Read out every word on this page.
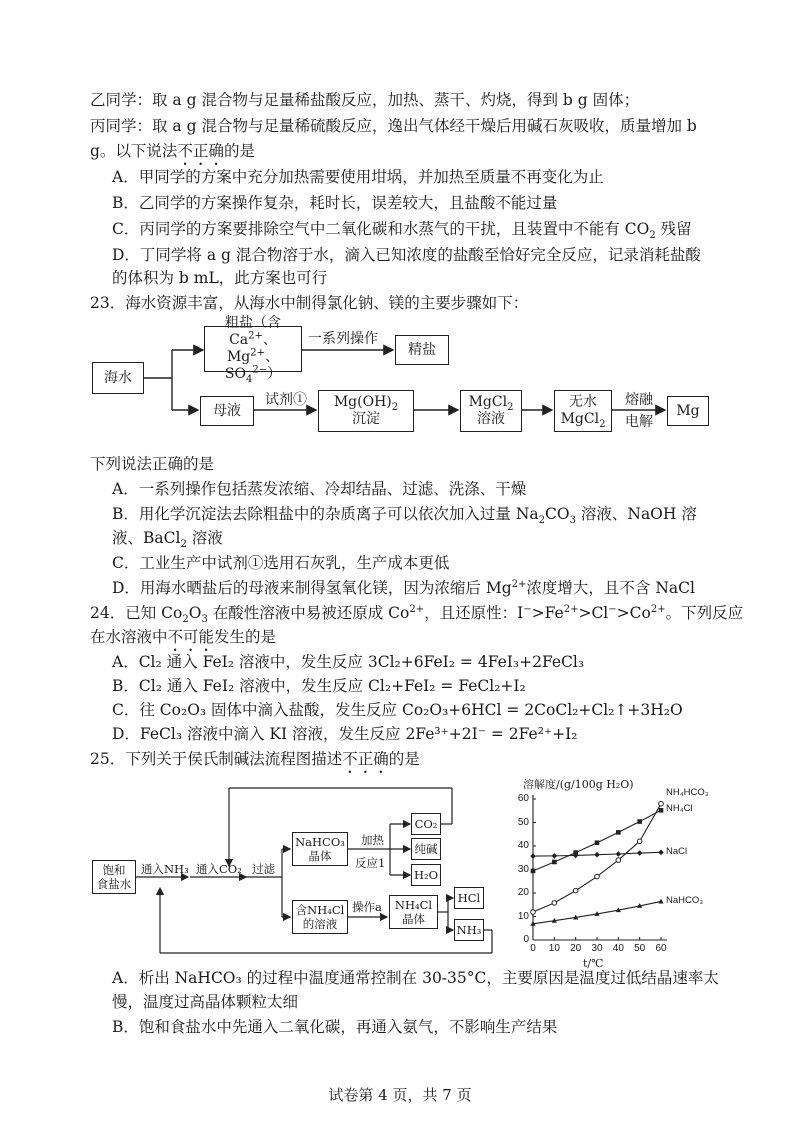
乙同学：取 a g 混合物与足量稀盐酸反应，加热、蒸干、灼烧，得到 b g 固体；
丙同学：取 a g 混合物与足量稀硫酸反应，逸出气体经干燥后用碱石灰吸收，质量增加 b
g。以下说法不正确的是
A．甲同学的方案中充分加热需要使用坩埚，并加热至质量不再变化为止
B．乙同学的方案操作复杂，耗时长，误差较大，且盐酸不能过量
C．丙同学的方案要排除空气中二氧化碳和水蒸气的干扰，且装置中不能有 $CO_2$ 残留
D．丁同学将 a g 混合物溶于水，滴入已知浓度的盐酸至恰好完全反应，记录消耗盐酸
的体积为 b mL，此方案也可行
23．海水资源丰富，从海水中制得氯化钠、镁的主要步骤如下：
海水
粗盐（含$Ca^{2+}$、
$Mg^{2+}$、$SO_4^{2-}$）
一系列操作
精盐
母液
试剂① $Mg(OH)_2$
沉淀
MgCl$_2$
溶液
无水
MgCl$_2$
熔融
电解
Mg
下列说法正确的是
A．一系列操作包括蒸发浓缩、冷却结晶、过滤、洗涤、干燥
B．用化学沉淀法去除粗盐中的杂质离子可以依次加入过量 $Na_2CO_3$ 溶液、NaOH 溶
液、BaCl$_2$ 溶液
C．工业生产中试剂①选用石灰乳，生产成本更低
D．用海水晒盐后的母液来制得氢氧化镁，因为浓缩后 $Mg^{2+}$浓度增大，且不含 NaCl
24．已知 $Co_2O_3$ 在酸性溶液中易被还原成 $Co^{2+}$，且还原性：$I^->Fe^{2+}>Cl^->Co^{2+}$。下列反应
在水溶液中不可能发生的是
A．Cl₂ 通入 FeI₂ 溶液中，发生反应 3Cl₂+6FeI₂ = 4FeI₃+2FeCl₃
B．Cl₂ 通入 FeI₂ 溶液中，发生反应 Cl₂+FeI₂ = FeCl₂+I₂
C．往 Co₂O₃ 固体中滴入盐酸，发生反应 Co₂O₃+6HCl = 2CoCl₂+Cl₂↑+3H₂O
D．FeCl₃ 溶液中滴入 KI 溶液，发生反应 2Fe³⁺+2I⁻ = 2Fe²⁺+I₂
25．下列关于侯氏制碱法流程图描述不正确的是
饱和
食盐水
通入NH₃ 通入CO₂ 过滤
NaHCO₃
晶体
加热
反应1
CO₂
纯碱
H₂O
含NH₄Cl
的溶液
操作a NH₄Cl
晶体
HCl
NH₃
溶解度/(g/100g H₂O)
t/℃
0	10 20 30 40 50 60
0
10
20
30
40
50
60
NH₄HCO₃
NH₄Cl
NaCl
NaHCO₃
A．析出 NaHCO₃ 的过程中温度通常控制在 30-35°C，主要原因是温度过低结晶速率太
慢，温度过高晶体颗粒太细
B．饱和食盐水中先通入二氧化碳，再通入氨气，不影响生产结果
试卷第 4 页，共 7 页
